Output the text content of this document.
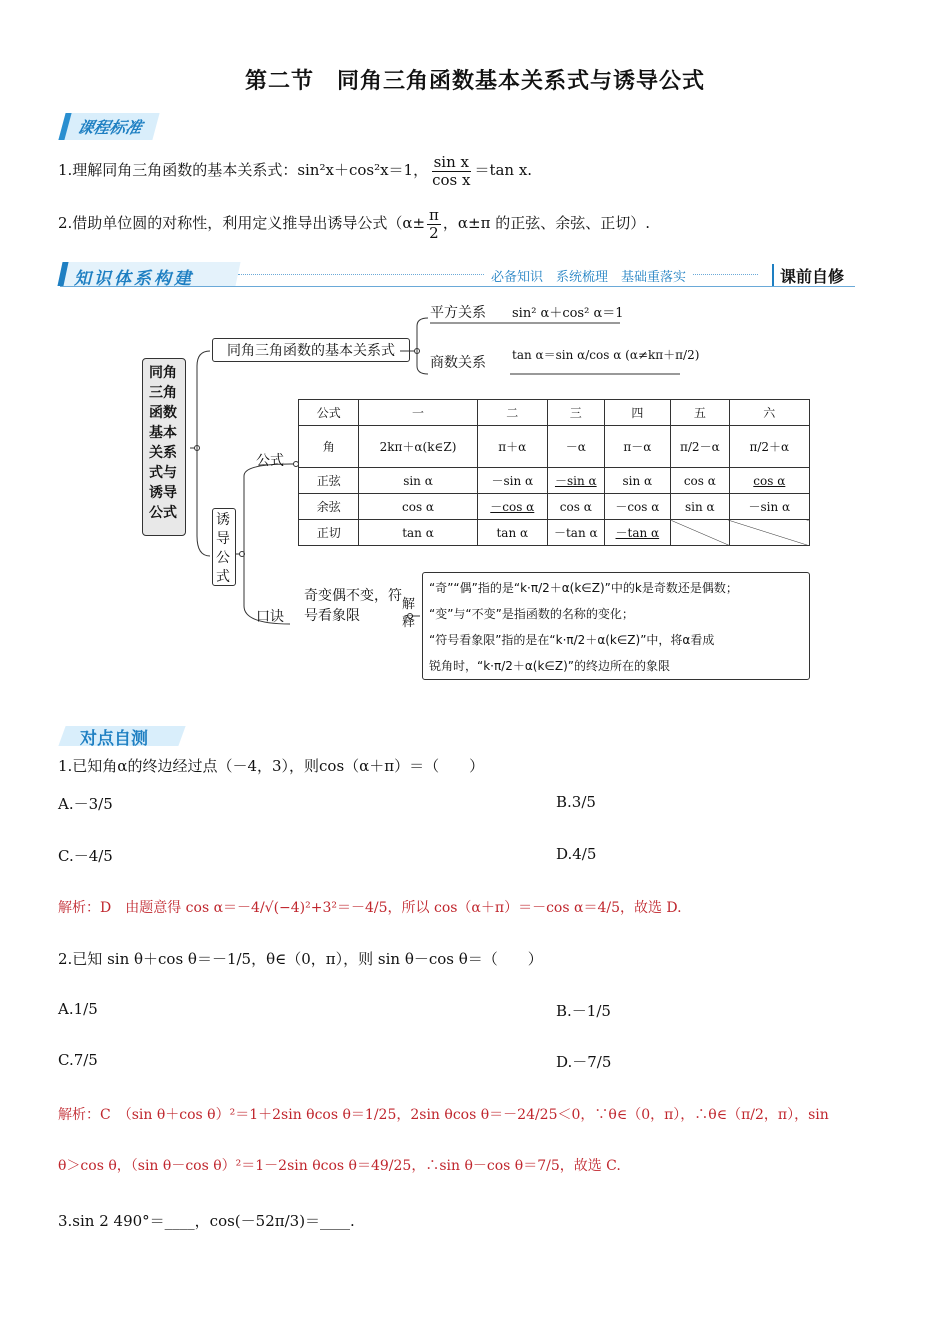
第二节　同角三角函数基本关系式与诱导公式
课程标准
1.理解同角三角函数的基本关系式：sin²x＋cos²x＝1， $\frac{\text{sin x}}{\text{cos x}} =\tan$ x.
2.借助单位圆的对称性，利用定义推导出诱导公式（$\alpha\pm \frac{\pi}{2}$ ，α±π 的正弦、余弦、正切）.
知识体系构建	必备知识　系统梳理　基础重落实	课前自修
同角三角函数基本关系式与诱导公式
同角三角函数的基本关系式
平方关系 sin² α＋cos² α＝1
商数关系 tan α＝sin α/cos α (α≠kπ＋π/2)
诱导公式
公式
口诀
奇变偶不变，符号看象限
解释
“奇”“偶”指的是“k·π/2＋α(k∈Z)”中的k是奇数还是偶数；
“变”与“不变”是指函数的名称的变化；
“符号看象限”指的是在“k·π/2＋α(k∈Z)”中，将α看成
锐角时，“k·π/2＋α(k∈Z)”的终边所在的象限
公式	一	二	三	四	五	六
角	2kπ＋α(k∈Z)	π＋α	－α	π－α	π/2－α	π/2＋α
正弦	sin α	－sin α	－sin α	sin α	cos α	cos α
余弦	cos α	－cos α	cos α	－cos α	sin α	－sin α
正切	tan α	tan α	－tan α	－tan α		
对点自测
1.已知角α的终边经过点（－4，3），则cos（α＋π）＝（　　）
A.－3/5	B.3/5
C.－4/5	D.4/5
解析：D　由题意得 cos α＝－4/√(−4)²+3²＝－4/5，所以 cos（α＋π）＝－cos α＝4/5，故选 D.
2.已知 sin θ＋cos θ＝－1/5，θ∈（0，π），则 sin θ－cos θ＝（　　）
A.1/5	B.－1/5
C.7/5	D.－7/5
解析：C　（sin θ＋cos θ）²＝1＋2sin θcos θ＝1/25，2sin θcos θ＝－24/25＜0，∵θ∈（0，π），∴θ∈（π/2，π），sin
θ＞cos θ，（sin θ－cos θ）²＝1－2sin θcos θ＝49/25，∴sin θ－cos θ＝7/5，故选 C.
3.sin 2 490°＝____，cos(－52π/3)＝____.
